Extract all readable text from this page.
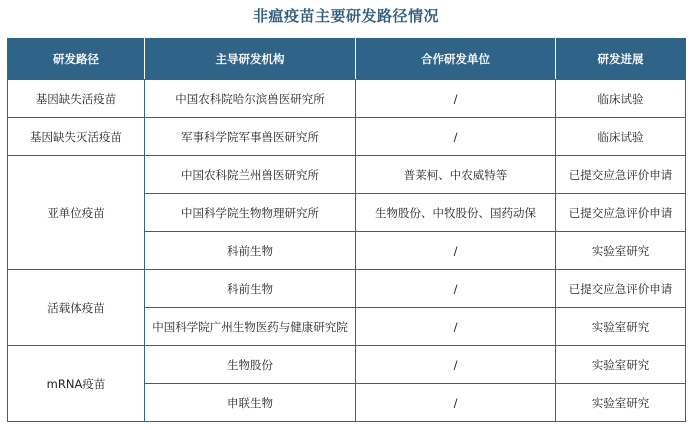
非瘟疫苗主要研发路径情况
研发路径	主导研发机构	合作研发单位	研发进展
基因缺失活疫苗	中国农科院哈尔滨兽医研究所	/	临床试验
基因缺失灭活疫苗	军事科学院军事兽医研究所	/	临床试验
亚单位疫苗	中国农科院兰州兽医研究所	普莱柯、中农威特等	已提交应急评价申请
	中国科学院生物物理研究所	生物股份、中牧股份、国药动保	已提交应急评价申请
	科前生物	/	实验室研究
活载体疫苗	科前生物	/	已提交应急评价申请
	中国科学院广州生物医药与健康研究院	/	实验室研究
mRNA疫苗	生物股份	/	实验室研究
	申联生物	/	实验室研究
